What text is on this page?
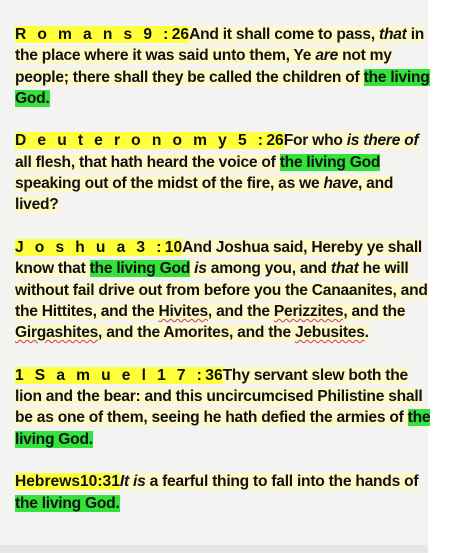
R o m a n s 9 :26And it shall come to pass, that in the place where it was said unto them, Ye are not my people; there shall they be called the children of the living God.

D e u t e r o n o m y 5 :26For who is there of all flesh, that hath heard the voice of the living God speaking out of the midst of the fire, as we have, and lived?

J o s h u a 3 :10And Joshua said, Hereby ye shall know that the living God is among you, and that he will without fail drive out from before you the Canaanites, and the Hittites, and the Hivites, and the Perizzites, and the Girgashites, and the Amorites, and the Jebusites.

1 S a m u e l 1 7 :36Thy servant slew both the lion and the bear: and this uncircumcised Philistine shall be as one of them, seeing he hath defied the armies of the living God.

Hebrews10:31It is a fearful thing to fall into the hands of the living God.
